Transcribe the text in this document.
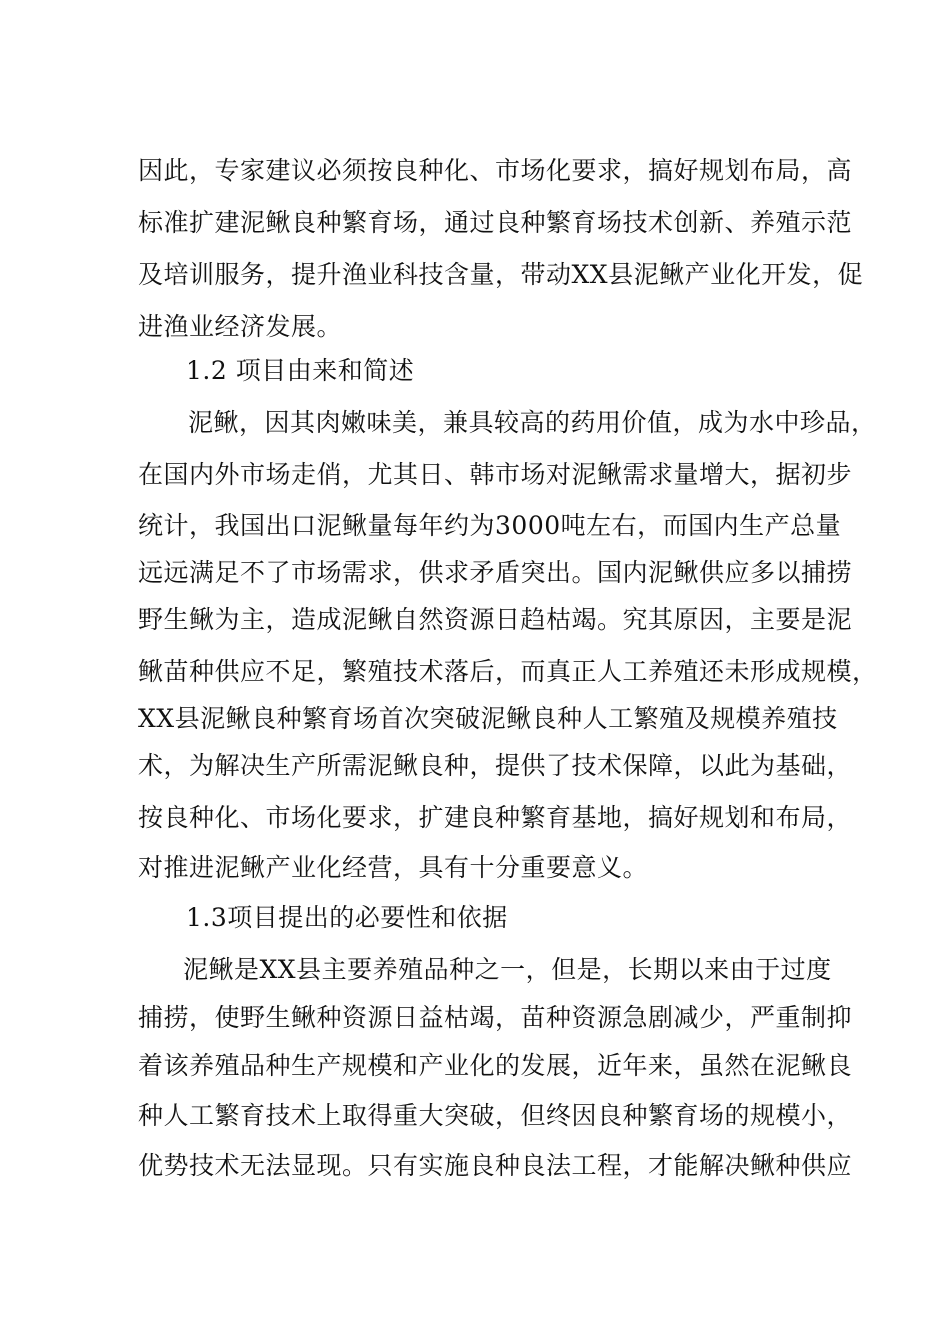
因此，专家建议必须按良种化、市场化要求，搞好规划布局，高
标准扩建泥鳅良种繁育场，通过良种繁育场技术创新、养殖示范
及培训服务，提升渔业科技含量，带动XX县泥鳅产业化开发，促
进渔业经济发展。
1.2 项目由来和简述
泥鳅，因其肉嫩味美，兼具较高的药用价值，成为水中珍品，
在国内外市场走俏，尤其日、韩市场对泥鳅需求量增大，据初步
统计，我国出口泥鳅量每年约为3000吨左右，而国内生产总量
远远满足不了市场需求，供求矛盾突出。国内泥鳅供应多以捕捞
野生鳅为主，造成泥鳅自然资源日趋枯竭。究其原因，主要是泥
鳅苗种供应不足，繁殖技术落后，而真正人工养殖还未形成规模，
XX县泥鳅良种繁育场首次突破泥鳅良种人工繁殖及规模养殖技
术，为解决生产所需泥鳅良种，提供了技术保障，以此为基础，
按良种化、市场化要求，扩建良种繁育基地，搞好规划和布局，
对推进泥鳅产业化经营，具有十分重要意义。
1.3项目提出的必要性和依据
泥鳅是XX县主要养殖品种之一，但是，长期以来由于过度
捕捞，使野生鳅种资源日益枯竭，苗种资源急剧减少，严重制抑
着该养殖品种生产规模和产业化的发展，近年来，虽然在泥鳅良
种人工繁育技术上取得重大突破，但终因良种繁育场的规模小，
优势技术无法显现。只有实施良种良法工程，才能解决鳅种供应
